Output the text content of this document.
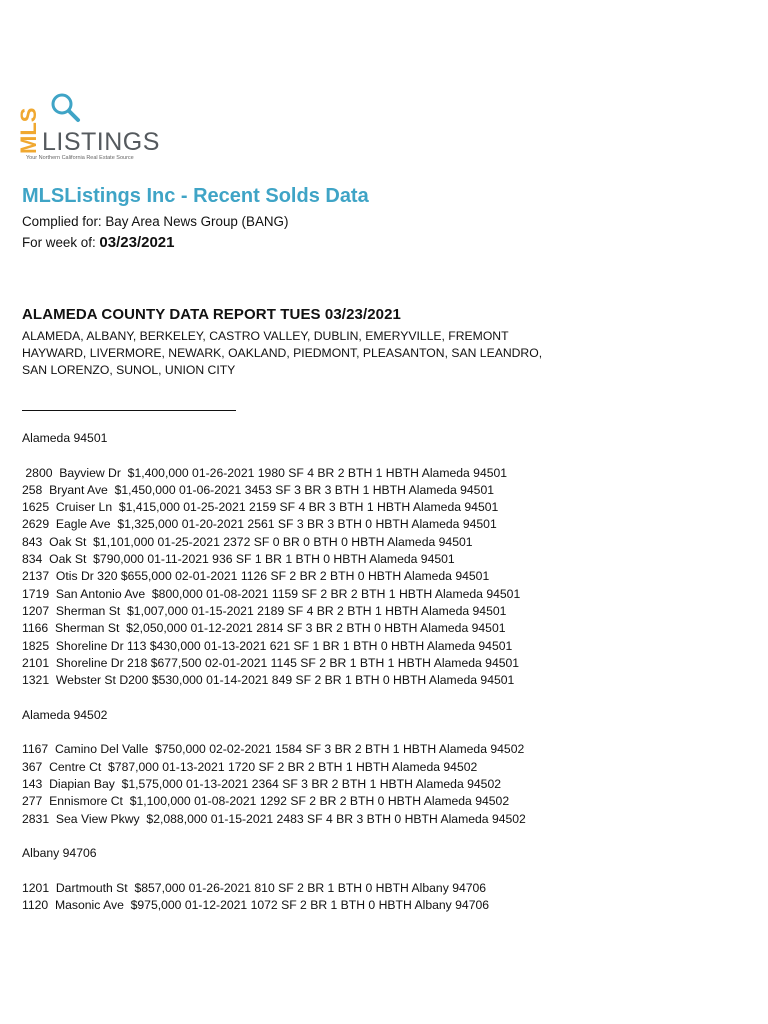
MLS LISTINGS
Your Northern California Real Estate Source
MLSListings Inc - Recent Solds Data
Complied for: Bay Area News Group (BANG)
For week of: 03/23/2021
ALAMEDA COUNTY DATA REPORT TUES 03/23/2021
ALAMEDA, ALBANY, BERKELEY, CASTRO VALLEY, DUBLIN, EMERYVILLE, FREMONT
HAYWARD, LIVERMORE, NEWARK, OAKLAND, PIEDMONT, PLEASANTON, SAN LEANDRO,
SAN LORENZO, SUNOL, UNION CITY
Alameda 94501
2800  Bayview Dr  $1,400,000 01-26-2021 1980 SF 4 BR 2 BTH 1 HBTH Alameda 94501
258  Bryant Ave  $1,450,000 01-06-2021 3453 SF 3 BR 3 BTH 1 HBTH Alameda 94501
1625  Cruiser Ln  $1,415,000 01-25-2021 2159 SF 4 BR 3 BTH 1 HBTH Alameda 94501
2629  Eagle Ave  $1,325,000 01-20-2021 2561 SF 3 BR 3 BTH 0 HBTH Alameda 94501
843  Oak St  $1,101,000 01-25-2021 2372 SF 0 BR 0 BTH 0 HBTH Alameda 94501
834  Oak St  $790,000 01-11-2021 936 SF 1 BR 1 BTH 0 HBTH Alameda 94501
2137  Otis Dr 320 $655,000 02-01-2021 1126 SF 2 BR 2 BTH 0 HBTH Alameda 94501
1719  San Antonio Ave  $800,000 01-08-2021 1159 SF 2 BR 2 BTH 1 HBTH Alameda 94501
1207  Sherman St  $1,007,000 01-15-2021 2189 SF 4 BR 2 BTH 1 HBTH Alameda 94501
1166  Sherman St  $2,050,000 01-12-2021 2814 SF 3 BR 2 BTH 0 HBTH Alameda 94501
1825  Shoreline Dr 113 $430,000 01-13-2021 621 SF 1 BR 1 BTH 0 HBTH Alameda 94501
2101  Shoreline Dr 218 $677,500 02-01-2021 1145 SF 2 BR 1 BTH 1 HBTH Alameda 94501
1321  Webster St D200 $530,000 01-14-2021 849 SF 2 BR 1 BTH 0 HBTH Alameda 94501
Alameda 94502
1167  Camino Del Valle  $750,000 02-02-2021 1584 SF 3 BR 2 BTH 1 HBTH Alameda 94502
367  Centre Ct  $787,000 01-13-2021 1720 SF 2 BR 2 BTH 1 HBTH Alameda 94502
143  Diapian Bay  $1,575,000 01-13-2021 2364 SF 3 BR 2 BTH 1 HBTH Alameda 94502
277  Ennismore Ct  $1,100,000 01-08-2021 1292 SF 2 BR 2 BTH 0 HBTH Alameda 94502
2831  Sea View Pkwy  $2,088,000 01-15-2021 2483 SF 4 BR 3 BTH 0 HBTH Alameda 94502
Albany 94706
1201  Dartmouth St  $857,000 01-26-2021 810 SF 2 BR 1 BTH 0 HBTH Albany 94706
1120  Masonic Ave  $975,000 01-12-2021 1072 SF 2 BR 1 BTH 0 HBTH Albany 94706
